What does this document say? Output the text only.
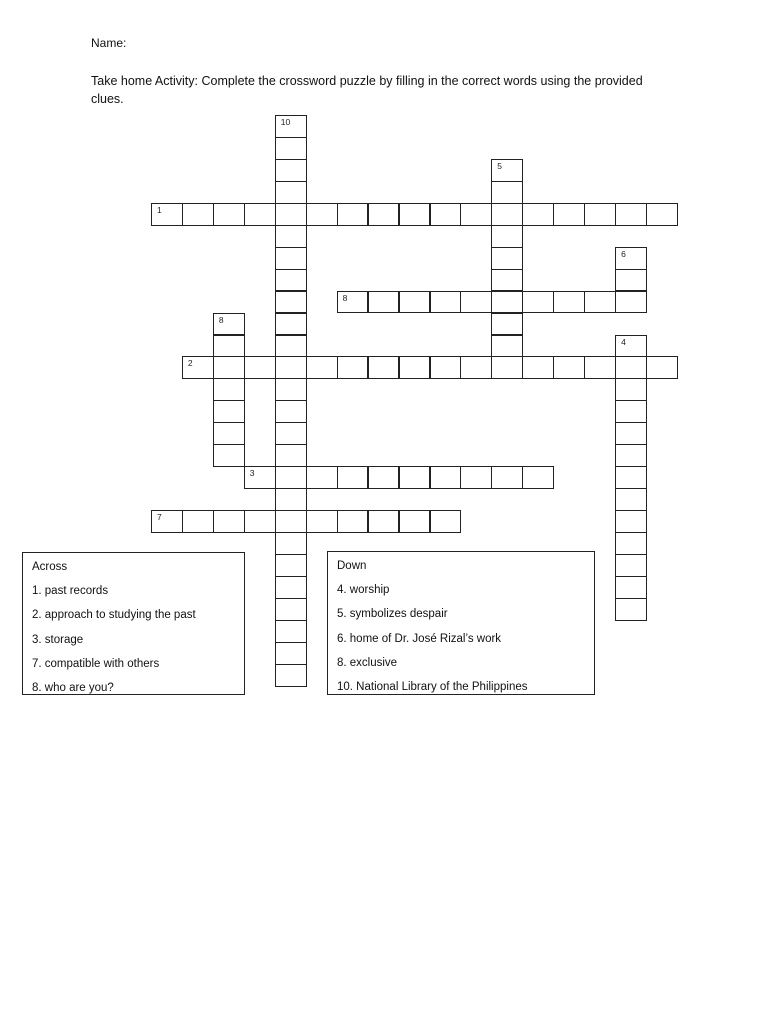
Name:
Take home Activity: Complete the crossword puzzle by filling in the correct words using the provided clues.
1
8
2
3
7
10
5
6
8
4
Across
1. past records
2. approach to studying the past
3. storage
7. compatible with others
8. who are you?
Down
4. worship
5. symbolizes despair
6. home of Dr. José Rizal’s work
8. exclusive
10. National Library of the Philippines
